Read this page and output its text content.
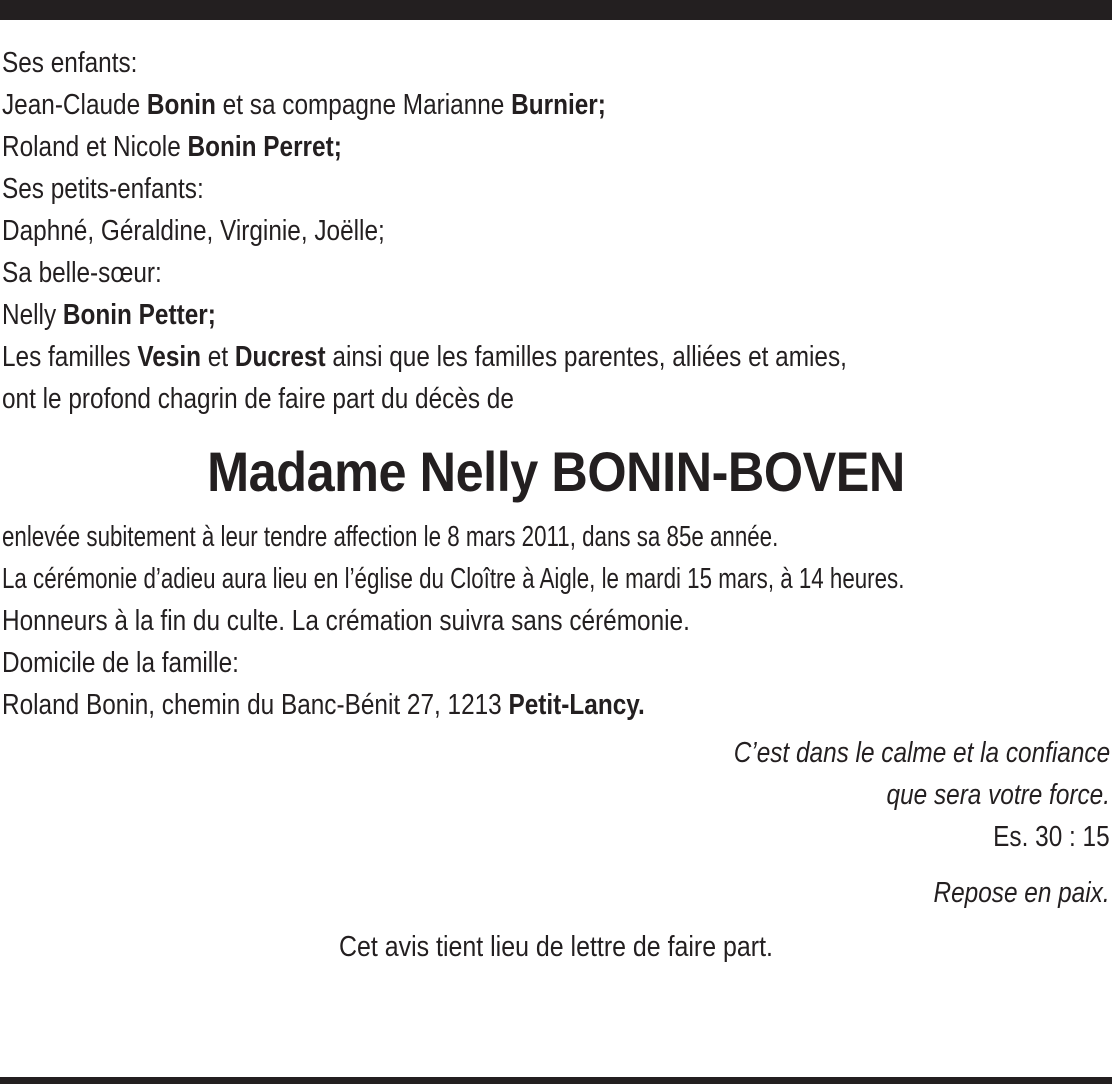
Ses enfants:
Jean-Claude Bonin et sa compagne Marianne Burnier;
Roland et Nicole Bonin Perret;
Ses petits-enfants:
Daphné, Géraldine, Virginie, Joëlle;
Sa belle-sœur:
Nelly Bonin Petter;
Les familles Vesin et Ducrest ainsi que les familles parentes, alliées et amies,
ont le profond chagrin de faire part du décès de
Madame Nelly BONIN-BOVEN
enlevée subitement à leur tendre affection le 8 mars 2011, dans sa 85e année.
La cérémonie d’adieu aura lieu en l’église du Cloître à Aigle, le mardi 15 mars, à 14 heures.
Honneurs à la fin du culte. La crémation suivra sans cérémonie.
Domicile de la famille:
Roland Bonin, chemin du Banc-Bénit 27, 1213 Petit-Lancy.
C’est dans le calme et la confiance
que sera votre force.
Es. 30 : 15
Repose en paix.
Cet avis tient lieu de lettre de faire part.
